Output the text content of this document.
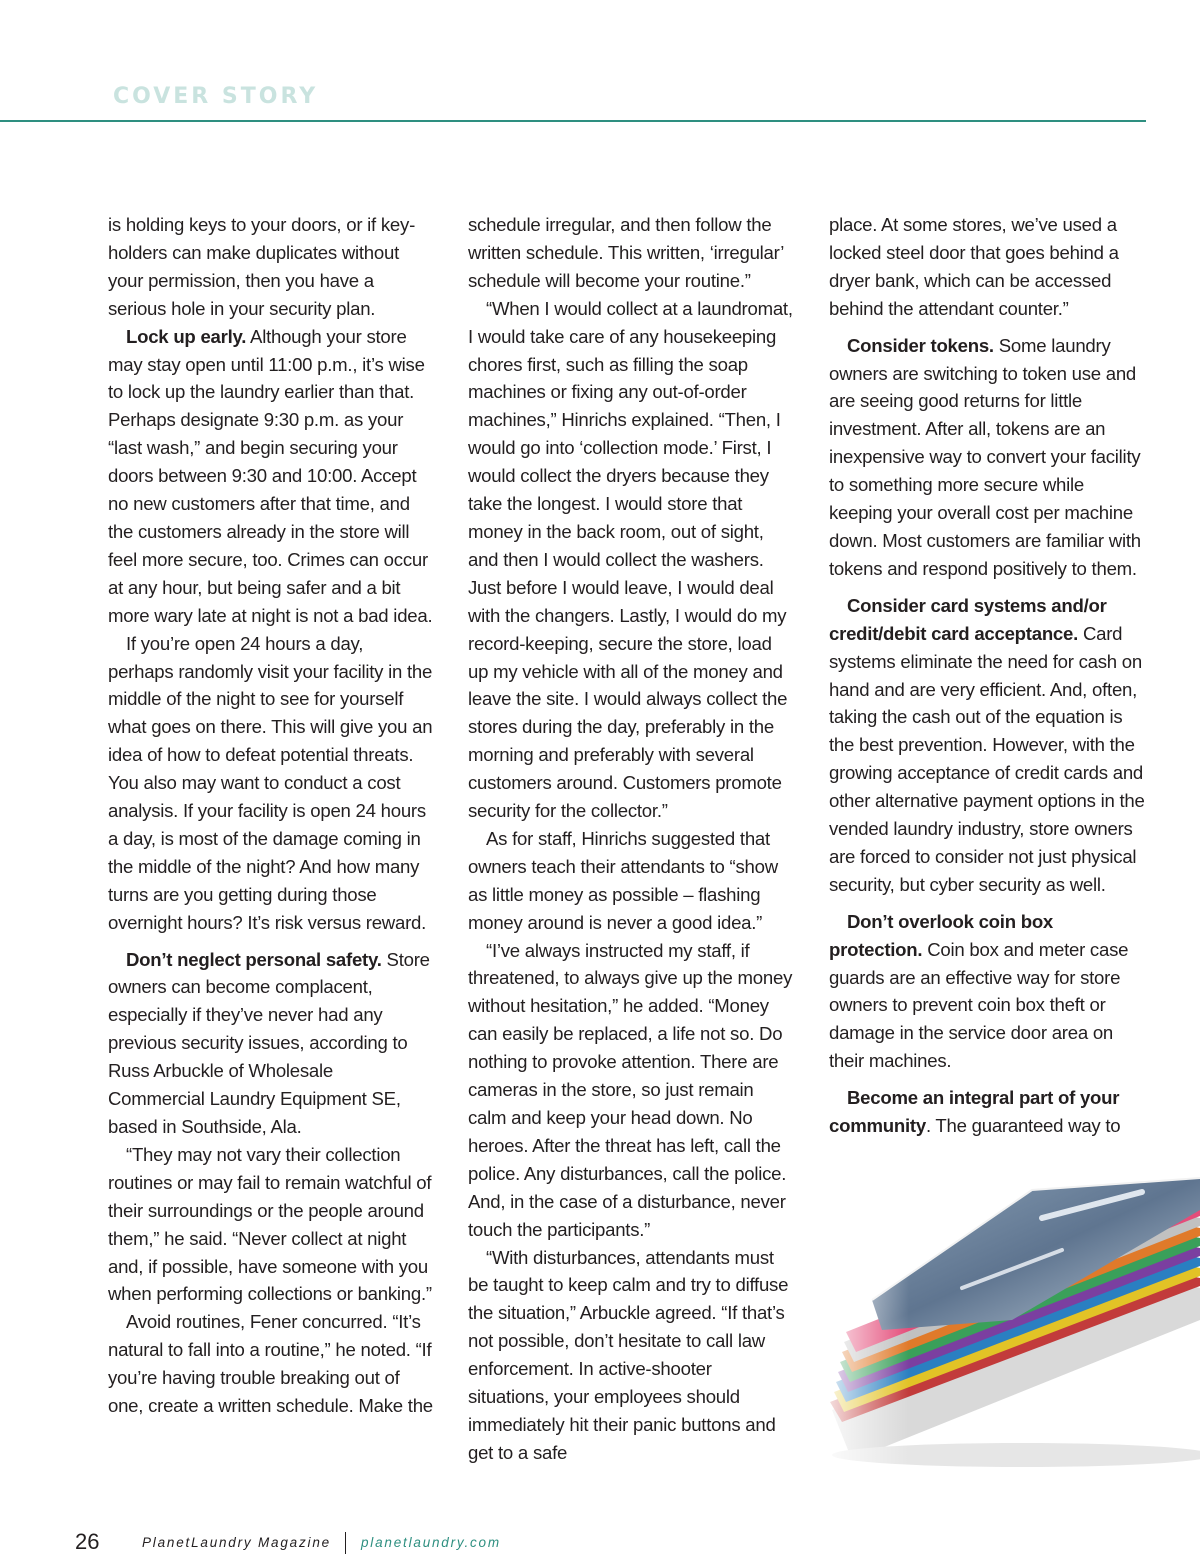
COVER STORY

is holding keys to your doors, or if key-holders can make duplicates without your permission, then you have a serious hole in your security plan.

Lock up early. Although your store may stay open until 11:00 p.m., it’s wise to lock up the laundry earlier than that. Perhaps designate 9:30 p.m. as your “last wash,” and begin securing your doors between 9:30 and 10:00. Accept no new customers after that time, and the customers already in the store will feel more secure, too. Crimes can occur at any hour, but being safer and a bit more wary late at night is not a bad idea.

If you’re open 24 hours a day, perhaps randomly visit your facility in the middle of the night to see for yourself what goes on there. This will give you an idea of how to defeat potential threats. You also may want to conduct a cost analysis. If your facility is open 24 hours a day, is most of the damage coming in the middle of the night? And how many turns are you getting during those overnight hours? It’s risk versus reward.

Don’t neglect personal safety. Store owners can become complacent, especially if they’ve never had any previous security issues, according to Russ Arbuckle of Wholesale Commercial Laundry Equipment SE, based in Southside, Ala.

“They may not vary their collection routines or may fail to remain watchful of their surroundings or the people around them,” he said. “Never collect at night and, if possible, have someone with you when performing collections or banking.”

Avoid routines, Fener concurred. “It’s natural to fall into a routine,” he noted. “If you’re having trouble breaking out of one, create a written schedule. Make the

schedule irregular, and then follow the written schedule. This written, ‘irregular’ schedule will become your routine.”

“When I would collect at a laundromat, I would take care of any housekeeping chores first, such as filling the soap machines or fixing any out-of-order machines,” Hinrichs explained. “Then, I would go into ‘collection mode.’ First, I would collect the dryers because they take the longest. I would store that money in the back room, out of sight, and then I would collect the washers. Just before I would leave, I would deal with the changers. Lastly, I would do my record-keeping, secure the store, load up my vehicle with all of the money and leave the site. I would always collect the stores during the day, preferably in the morning and preferably with several customers around. Customers promote security for the collector.”

As for staff, Hinrichs suggested that owners teach their attendants to “show as little money as possible – flashing money around is never a good idea.”

“I’ve always instructed my staff, if threatened, to always give up the money without hesitation,” he added. “Money can easily be replaced, a life not so. Do nothing to provoke attention. There are cameras in the store, so just remain calm and keep your head down. No heroes. After the threat has left, call the police. Any disturbances, call the police. And, in the case of a disturbance, never touch the participants.”

“With disturbances, attendants must be taught to keep calm and try to diffuse the situation,” Arbuckle agreed. “If that’s not possible, don’t hesitate to call law enforcement. In active-shooter situations, your employees should immediately hit their panic buttons and get to a safe

place. At some stores, we’ve used a locked steel door that goes behind a dryer bank, which can be accessed behind the attendant counter.”

Consider tokens. Some laundry owners are switching to token use and are seeing good returns for little investment. After all, tokens are an inexpensive way to convert your facility to something more secure while keeping your overall cost per machine down. Most customers are familiar with tokens and respond positively to them.

Consider card systems and/or credit/debit card acceptance. Card systems eliminate the need for cash on hand and are very efficient. And, often, taking the cash out of the equation is the best prevention. However, with the growing acceptance of credit cards and other alternative payment options in the vended laundry industry, store owners are forced to consider not just physical security, but cyber security as well.

Don’t overlook coin box protection. Coin box and meter case guards are an effective way for store owners to prevent coin box theft or damage in the service door area on their machines.

Become an integral part of your community. The guaranteed way to

26	PlanetLaundry Magazine planetlaundry.com
